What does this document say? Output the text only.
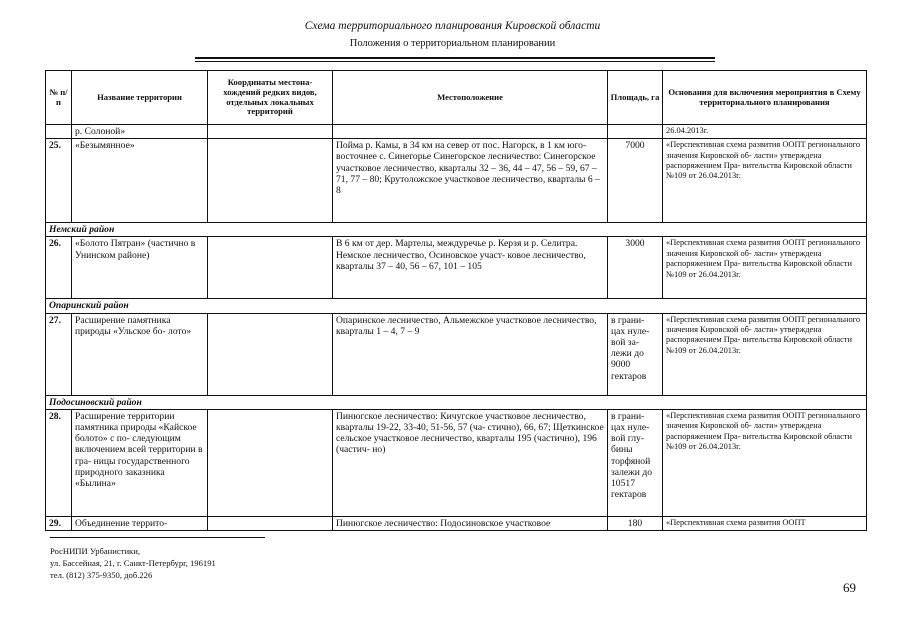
Схема территориального планирования Кировской области
Положения о территориальном планировании
№ п/п	Название территории	Координаты местона- хождений редких видов, отдельных локальных территорий	Местоположение	Площадь, га	Основания для включения мероприятия в Схему территориального планирования
	р. Солоной»				26.04.2013г.
25.	«Безымянное»		Пойма р. Камы, в 34 км на север от пос. Нагорск, в 1 км юго-восточнее с. Синегорье Синегорское лесничество: Синегорское участковое лесничество, кварталы 32 – 36, 44 – 47, 56 – 59, 67 – 71, 77 – 80; Крутоложское участковое лесничество, кварталы 6 – 8	7000	«Перспективная схема развития ООПТ регионального значения Кировской об- ласти» утверждена распоряжением Пра- вительства Кировской области №109 от 26.04.2013г.
Немский район					
26.	«Болото Пятран» (частично в Унинском районе)		В 6 км от дер. Мартелы, междуречье р. Керзя и р. Селитра. Немское лесничество, Осиновское участ- ковое лесничество, кварталы 37 – 40, 56 – 67, 101 – 105	3000	«Перспективная схема развития ООПТ регионального значения Кировской об- ласти» утверждена распоряжением Пра- вительства Кировской области №109 от 26.04.2013г.
Опаринский район					
27.	Расширение памятника природы «Ульское бо- лото»		Опаринское лесничество, Альмежское участковое лесничество, кварталы 1 – 4, 7 – 9	в грани- цах нуле- вой за- лежи до 9000 гектаров	«Перспективная схема развития ООПТ регионального значения Кировской об- ласти» утверждена распоряжением Пра- вительства Кировской области №109 от 26.04.2013г.
Подосиновский район					
28.	Расширение территории памятника природы «Кайское болото» с по- следующим включением всей территории в гра- ницы государственного природного заказника «Былина»		Пинюгское лесничество: Кичугское участковое лесничество, кварталы 19-22, 33-40, 51-56, 57 (ча- стично), 66, 67; Щеткинское сельское участковое лесничество, кварталы 195 (частично), 196 (частич- но)	в грани- цах нуле- вой глу- бины торфяной залежи до 10517 гектаров	«Перспективная схема развития ООПТ регионального значения Кировской об- ласти» утверждена распоряжением Пра- вительства Кировской области №109 от 26.04.2013г.
29.	Объединение террито-		Пинюгское лесничество: Подосиновское участковое	180	«Перспективная схема развития ООПТ
РосНИПИ Урбанистики,
ул. Бассейная, 21, г. Санкт-Петербург, 196191
тел. (812) 375-9350, доб.226
69
